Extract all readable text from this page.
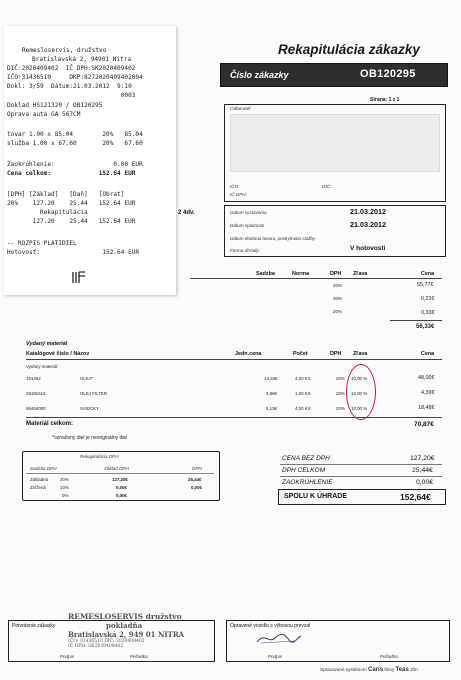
Rekapitulácia zákazky
Číslo zákazky	OB120295
Strana: 1 z 1
Odberateľ
IČO:	DIČ:
IČ DPH:
2 4dv.	Dátum vystavenia	21.03.2012
Dátum splatnosti	21.03.2012
Dátum dodania tovaru, poskytnutia služby
Forma úhrady:	V hotovosti
Sadzba	Norma	DPH Zľava	Cena
20%	55,77€
20%	0,23€
20%	0,33€
56,33€
Vydaný materiál
Katalógové číslo / Názov	Jedn.cena	Počet	DPH Zľava	Cena
Vydaný materiál
151262	OLEJ*	13,33€	4,00 KS	20% 10,00 %	48,00€
25181616	OLEJ FILTER	4,88€	1,00 KS	20% 10,00 %	4,39€
96464000	SVIECKY	5,13€	4,00 KS	20% 10,00 %	18,48€
Materiál celkom:	70,87€
*označený diel je neoriginálny diel
Rekapitulácia DPH
Sadzba DPH	Základ DPH	DPH
Základná	20%	127,20€	25,44€
Znížená	10%	0,00€	0,00€
0%	0,00€
CENA BEZ DPH	127,20€
DPH CELKOM	25,44€
ZAOKRÚHLENIE	0,00€
SPOLU K ÚHRADE	152,64€
Potvrdenie zákazky
Podpis	Pečiatka
Opravené vozidlo s výbovou prevzal
Podpis	Pečiatka
REMESLOSERVIS družstvo
pokladňa
Bratislavská 2, 949 01 NITRA
IČO: 31436510 DIČ: 2020409402
IČ DPH: SK2020409402
Spracované systémom Caris firmy Teas Zlín
Remesloservis, družstvo
Bratislavská 2, 94901 Nitra
DIČ:2020409402  IČ DPH:SK2020409402
IČO:31436510     DKP:8272020409402004
Dokl: 3/59  Dátum:21.03.2012  9:10
0003
Doklad HS121320 / OB120295
Oprava auta GA 567CM
tovar 1.00 x 85.04        20%   85.04
služba 1.00 x 67.60       20%   67.60
Zaokrúhlenie:                0.00 EUR
Cena celkom:             152.64 EUR
[DPH] [Základ]   [Daň]   [Obrat]
20%    127.20    25.44   152.64 EUR
Rekapitulácia
127.20    25.44   152.64 EUR
-- ROZPIS PLATIDIEL
Hotovosť:                 152.64 EUR
